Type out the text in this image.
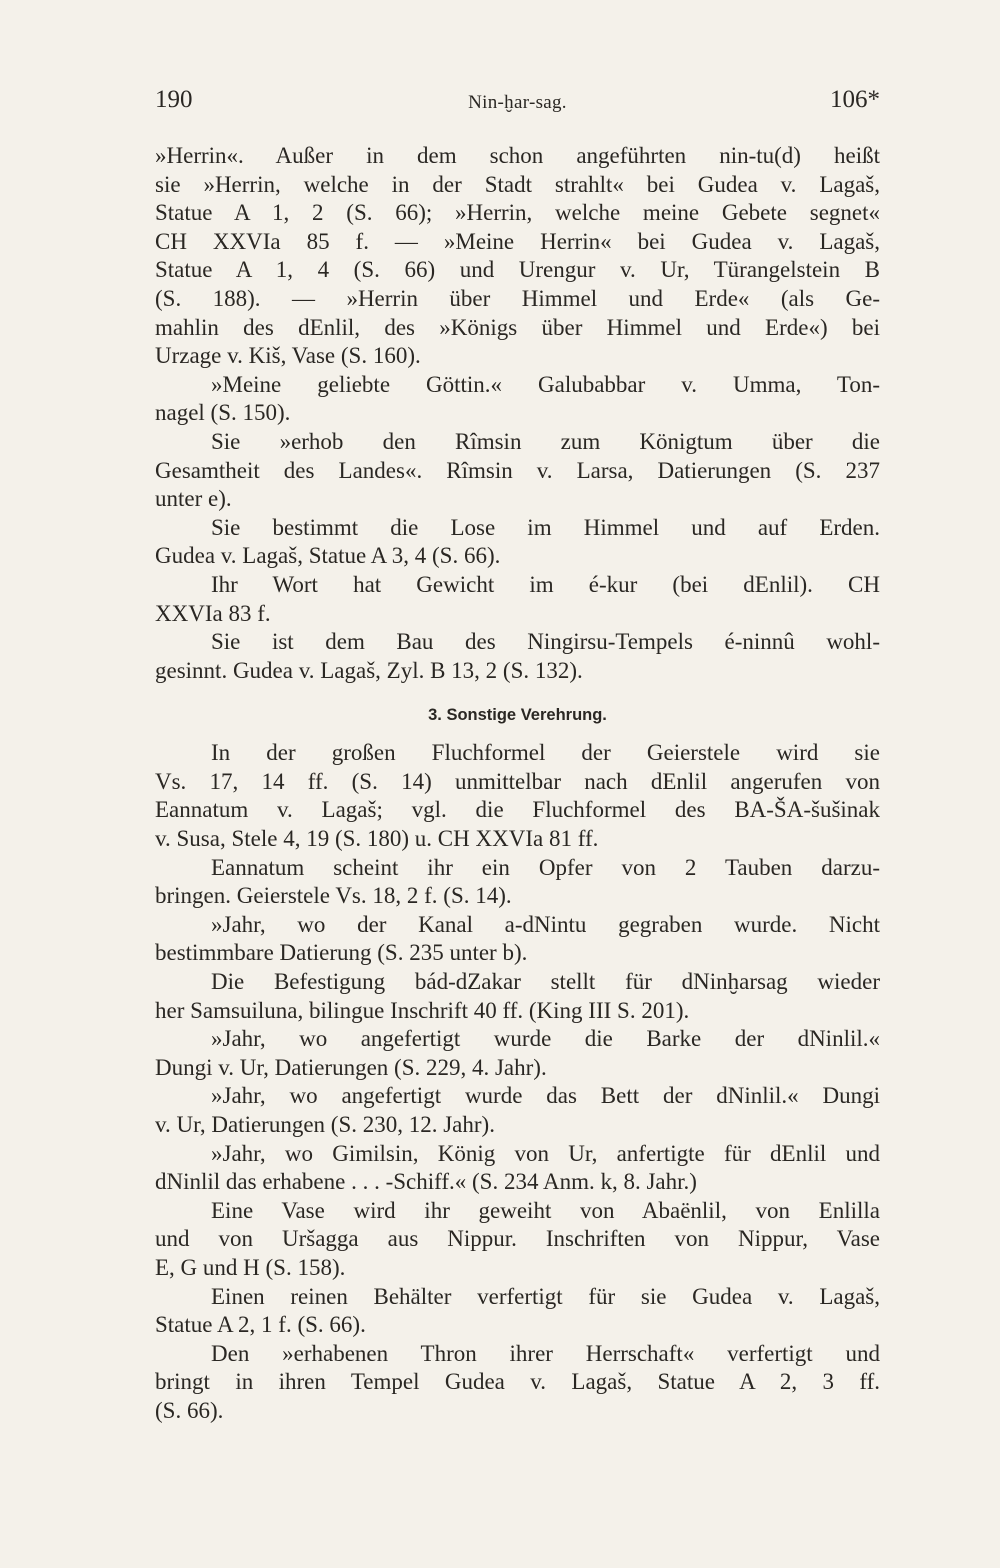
190	Nin-ḫar-sag.	106*
»Herrin«. Außer in dem schon angeführten nin-tu(d) heißt
sie »Herrin, welche in der Stadt strahlt« bei Gudea v. Lagaš,
Statue A 1, 2 (S. 66); »Herrin, welche meine Gebete segnet«
CH XXVIa 85 f. — »Meine Herrin« bei Gudea v. Lagaš,
Statue A 1, 4 (S. 66) und Urengur v. Ur, Türangelstein B
(S. 188). — »Herrin über Himmel und Erde« (als Ge-
mahlin des dEnlil, des »Königs über Himmel und Erde«) bei
Urzage v. Kiš, Vase (S. 160).
»Meine geliebte Göttin.« Galubabbar v. Umma, Ton-
nagel (S. 150).
Sie »erhob den Rîmsin zum Königtum über die
Gesamtheit des Landes«. Rîmsin v. Larsa, Datierungen (S. 237
unter e).
Sie bestimmt die Lose im Himmel und auf Erden.
Gudea v. Lagaš, Statue A 3, 4 (S. 66).
Ihr Wort hat Gewicht im é-kur (bei dEnlil). CH
XXVIa 83 f.
Sie ist dem Bau des Ningirsu-Tempels é-ninnû wohl-
gesinnt. Gudea v. Lagaš, Zyl. B 13, 2 (S. 132).
3. Sonstige Verehrung.
In der großen Fluchformel der Geierstele wird sie
Vs. 17, 14 ff. (S. 14) unmittelbar nach dEnlil angerufen von
Eannatum v. Lagaš; vgl. die Fluchformel des BA-ŠA-šušinak
v. Susa, Stele 4, 19 (S. 180) u. CH XXVIa 81 ff.
Eannatum scheint ihr ein Opfer von 2 Tauben darzu-
bringen. Geierstele Vs. 18, 2 f. (S. 14).
»Jahr, wo der Kanal a-dNintu gegraben wurde. Nicht
bestimmbare Datierung (S. 235 unter b).
Die Befestigung bád-dZakar stellt für dNinḫarsag wieder
her Samsuiluna, bilingue Inschrift 40 ff. (King III S. 201).
»Jahr, wo angefertigt wurde die Barke der dNinlil.«
Dungi v. Ur, Datierungen (S. 229, 4. Jahr).
»Jahr, wo angefertigt wurde das Bett der dNinlil.« Dungi
v. Ur, Datierungen (S. 230, 12. Jahr).
»Jahr, wo Gimilsin, König von Ur, anfertigte für dEnlil und
dNinlil das erhabene . . . -Schiff.« (S. 234 Anm. k, 8. Jahr.)
Eine Vase wird ihr geweiht von Abaënlil, von Enlilla
und von Uršagga aus Nippur. Inschriften von Nippur, Vase
E, G und H (S. 158).
Einen reinen Behälter verfertigt für sie Gudea v. Lagaš,
Statue A 2, 1 f. (S. 66).
Den »erhabenen Thron ihrer Herrschaft« verfertigt und
bringt in ihren Tempel Gudea v. Lagaš, Statue A 2, 3 ff.
(S. 66).
